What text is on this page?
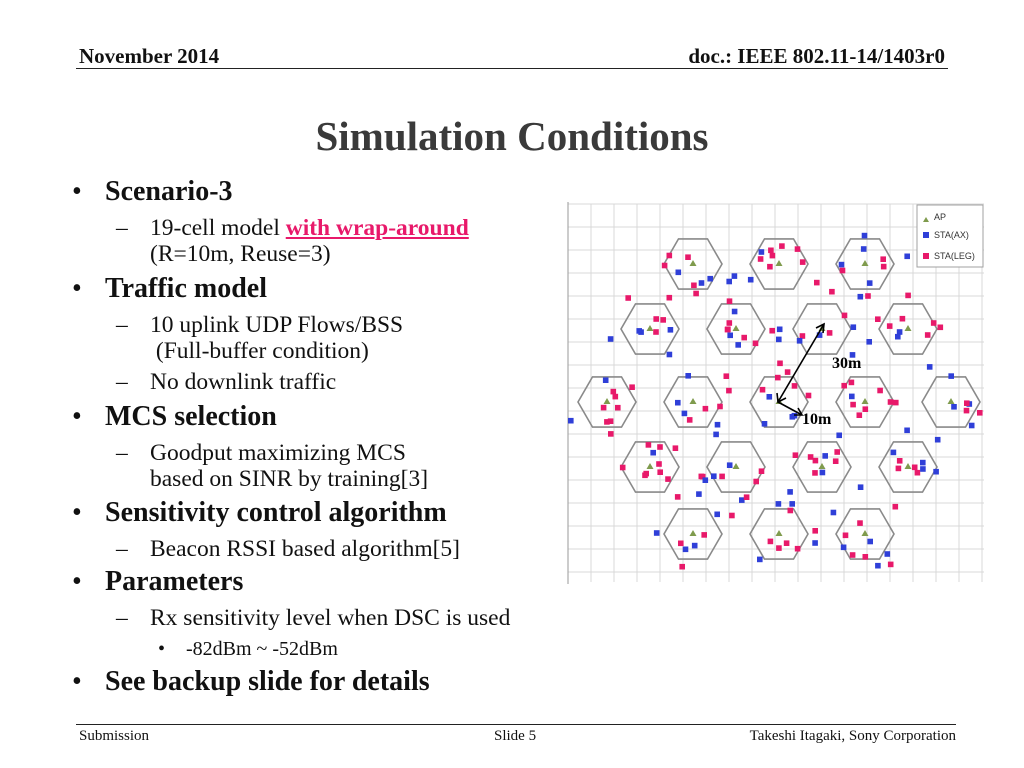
November 2014	doc.: IEEE 802.11-14/1403r0
Simulation Conditions
• Scenario-3
– 19-cell model with wrap-around
(R=10m, Reuse=3)
• Traffic model
– 10 uplink UDP Flows/BSS
(Full-buffer condition)
– No downlink traffic
• MCS selection
– Goodput maximizing MCS
based on SINR by training[3]
• Sensitivity control algorithm
– Beacon RSSI based algorithm[5]
• Parameters
– Rx sensitivity level when DSC is used
• -82dBm ~ -52dBm
• See backup slide for details
30m
10m
AP
STA(AX)
STA(LEG)
Submission	Slide 5	Takeshi Itagaki, Sony Corporation
